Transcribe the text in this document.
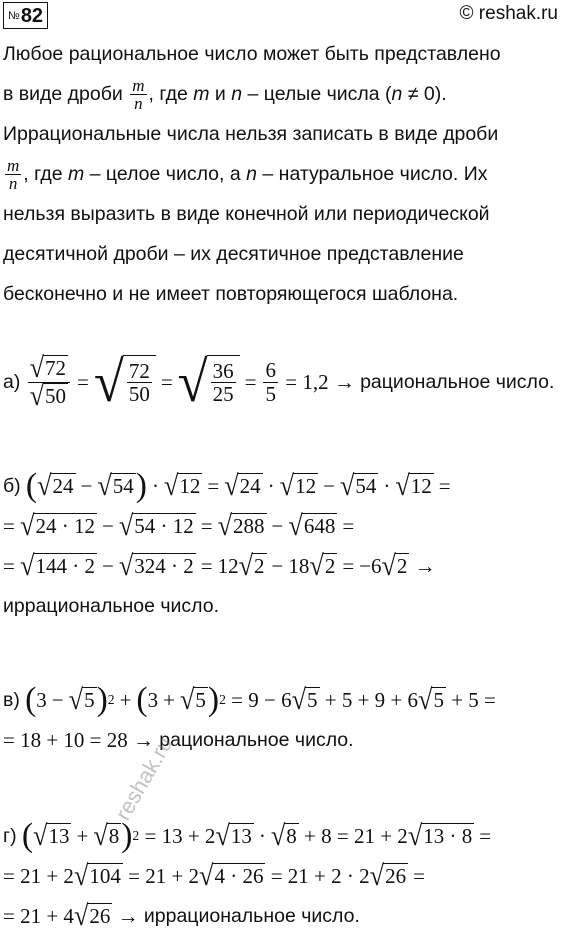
№82	© reshak.ru
Любое рациональное число может быть представлено
в виде дроби $\frac{m}{n}$ , где m и n – целые числа (n ≠ 0).
Иррациональные числа нельзя записать в виде дроби
$\frac{m}{n}$ , где m – целое число, а n – натуральное число. Их
нельзя выразить в виде конечной или периодической
десятичной дроби – их десятичное представление
бесконечно и не имеет повторяющегося шаблона.
а)
$\frac{√ 72}{√ 50}$ = √ $\frac{72}{50}$ = √ $\frac{36}{25} = \frac{6}{5}$
= 1,2 →
рациональное число.
б)
( √ 24 − √ 54 ) · √ 12 = √ 24 · √ 12 − √ 54 · √ 12 =
= √ 24 · 12 − √ 54 · 12 = √ 288 − √ 648 =
= √ 144 · 2 − √ 324 · 2 = 12 √ 2 − 18 √ 2 = −6 √ 2 →
иррациональное число.
в)
( 3 − √ 5 ) 2 + ( 3 + √ 5 ) 2
= 9 − 6 √ 5
+ 5 + 9 + 6 √ 5
+ 5 =
= 18 + 10 = 28 →
рациональное число.
г)
( √ 13 + √ 8 ) 2
= 13 + 2 √ 13 · √ 8
+ 8 = 21 + 2 √ 13 · 8 =
= 21 + 2 √ 104
= 21 + 2 √ 4 · 26
= 21 + 2 · 2 √ 26 =
= 21 + 4 √ 26 → иррациональное число.
reshak.ru
